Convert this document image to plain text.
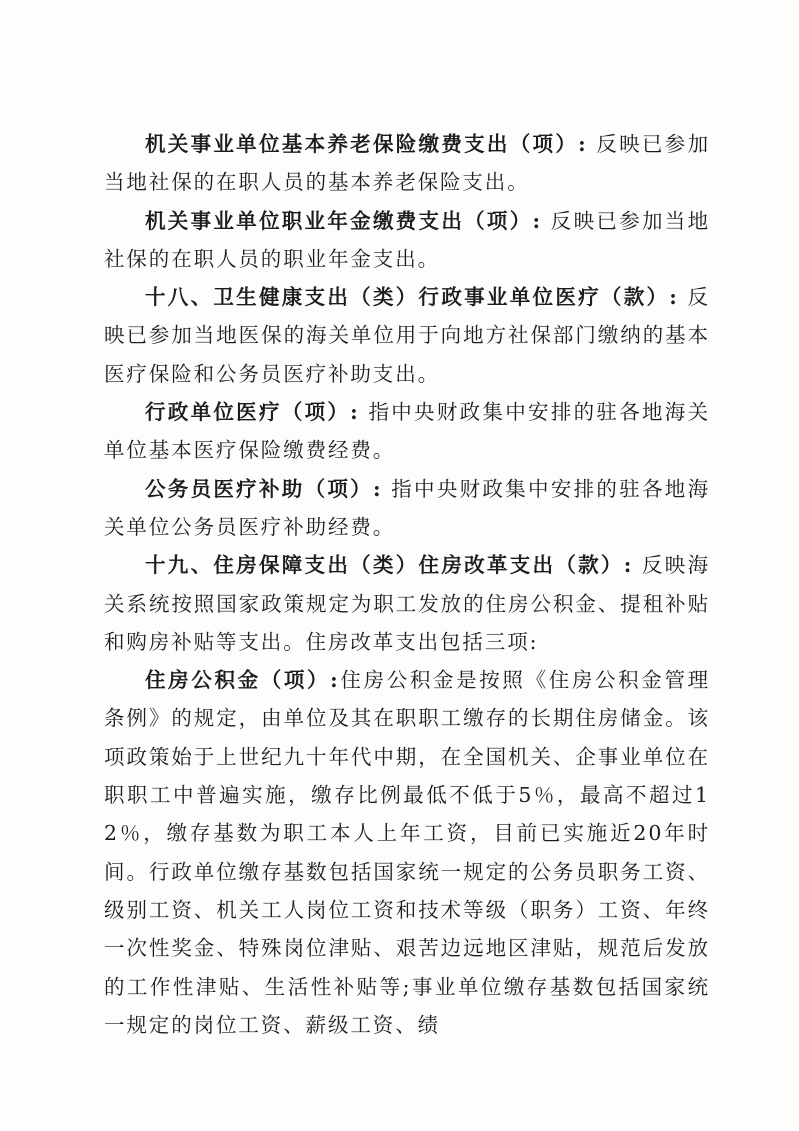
机关事业单位基本养老保险缴费支出（项）: 反映已参加当地社保的在职人员的基本养老保险支出。

机关事业单位职业年金缴费支出（项）: 反映已参加当地社保的在职人员的职业年金支出。

十八、卫生健康支出（类）行政事业单位医疗（款）: 反映已参加当地医保的海关单位用于向地方社保部门缴纳的基本医疗保险和公务员医疗补助支出。

行政单位医疗（项）: 指中央财政集中安排的驻各地海关单位基本医疗保险缴费经费。

公务员医疗补助（项）: 指中央财政集中安排的驻各地海关单位公务员医疗补助经费。

十九、住房保障支出（类）住房改革支出（款）: 反映海关系统按照国家政策规定为职工发放的住房公积金、提租补贴和购房补贴等支出。住房改革支出包括三项:

住房公积金（项）:住房公积金是按照《住房公积金管理条例》的规定，由单位及其在职职工缴存的长期住房储金。该项政策始于上世纪九十年代中期，在全国机关、企事业单位在职职工中普遍实施，缴存比例最低不低于5％，最高不超过12％，缴存基数为职工本人上年工资，目前已实施近20年时间。行政单位缴存基数包括国家统一规定的公务员职务工资、级别工资、机关工人岗位工资和技术等级（职务）工资、年终一次性奖金、特殊岗位津贴、艰苦边远地区津贴，规范后发放的工作性津贴、生活性补贴等;事业单位缴存基数包括国家统一规定的岗位工资、薪级工资、绩
